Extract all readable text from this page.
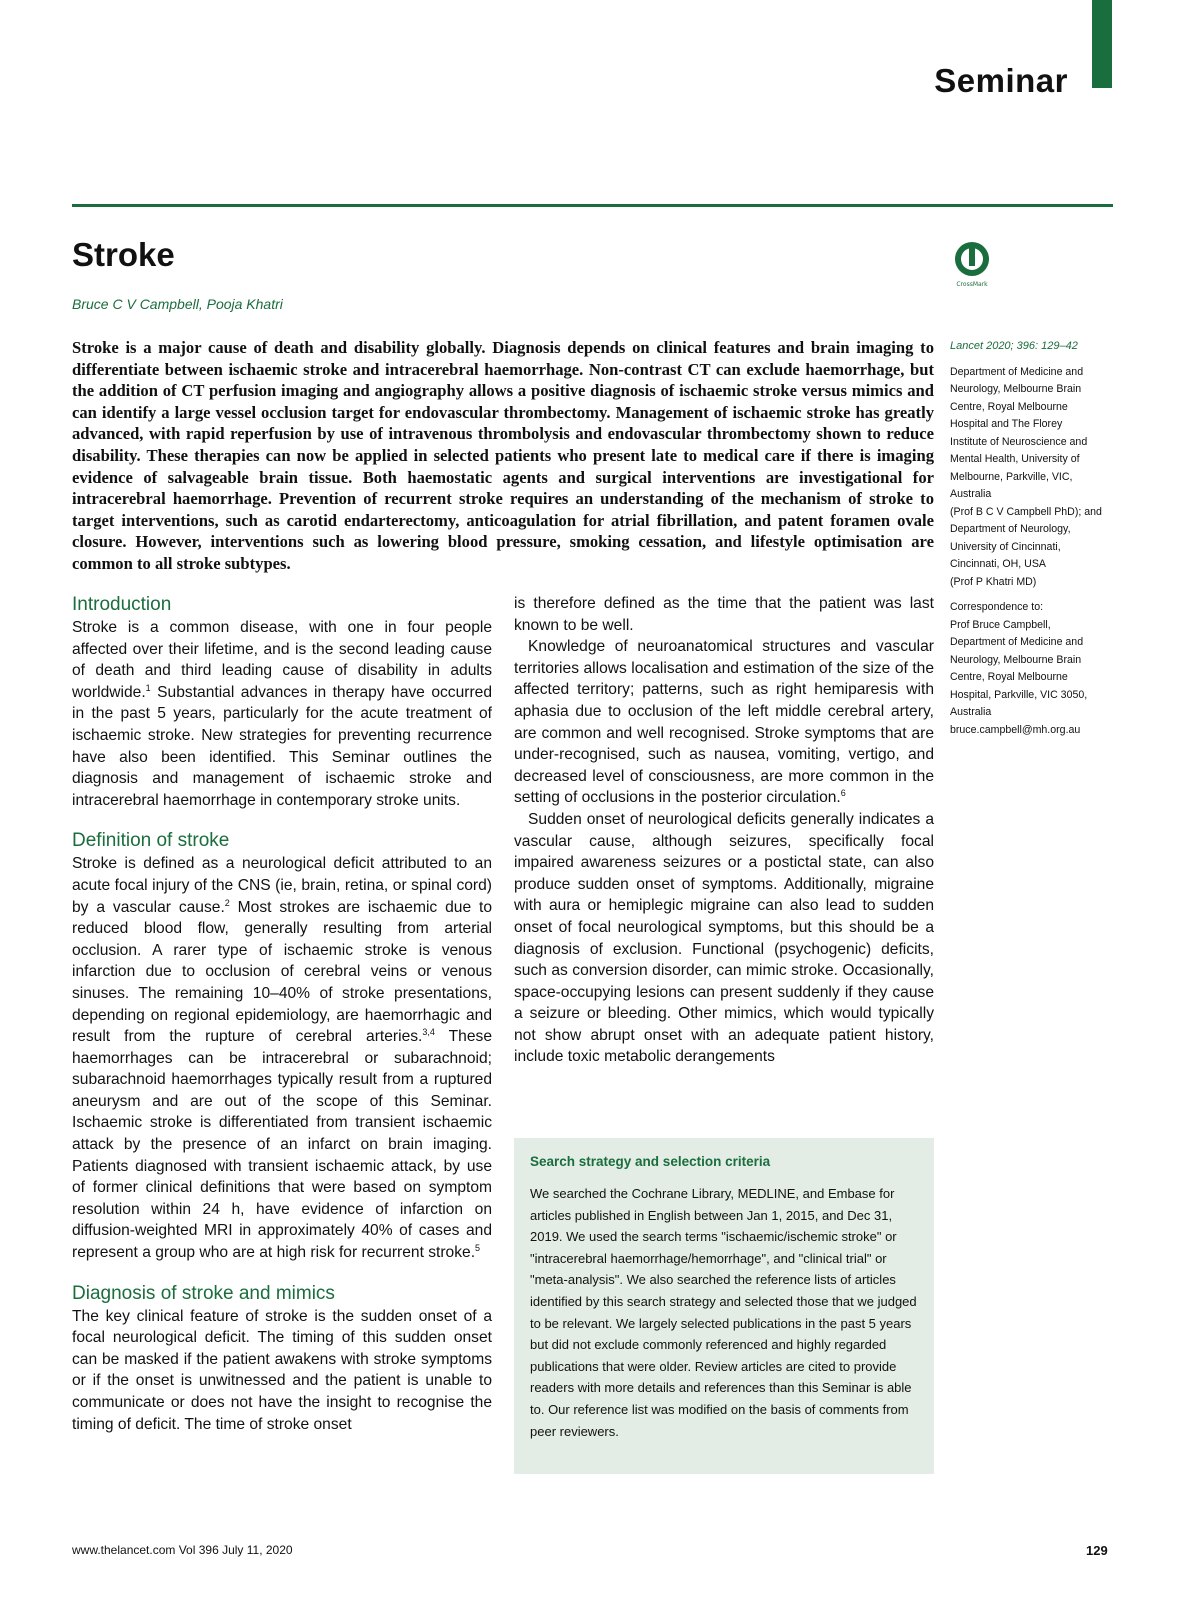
Seminar
Stroke
CrossMark
Bruce C V Campbell, Pooja Khatri

Stroke is a major cause of death and disability globally. Diagnosis depends on clinical features and brain imaging to differentiate between ischaemic stroke and intracerebral haemorrhage. Non-contrast CT can exclude haemorrhage, but the addition of CT perfusion imaging and angiography allows a positive diagnosis of ischaemic stroke versus mimics and can identify a large vessel occlusion target for endovascular thrombectomy. Management of ischaemic stroke has greatly advanced, with rapid reperfusion by use of intravenous thrombolysis and endovascular thrombectomy shown to reduce disability. These therapies can now be applied in selected patients who present late to medical care if there is imaging evidence of salvageable brain tissue. Both haemostatic agents and surgical interventions are investigational for intracerebral haemorrhage. Prevention of recurrent stroke requires an understanding of the mechanism of stroke to target interventions, such as carotid endarterectomy, anticoagulation for atrial fibrillation, and patent foramen ovale closure. However, interventions such as lowering blood pressure, smoking cessation, and lifestyle optimisation are common to all stroke subtypes.

Lancet 2020; 396: 129–42
Department of Medicine and
Neurology, Melbourne Brain
Centre, Royal Melbourne
Hospital and The Florey
Institute of Neuroscience and
Mental Health, University of
Melbourne, Parkville, VIC,
Australia
(Prof B C V Campbell PhD); and
Department of Neurology,
University of Cincinnati,
Cincinnati, OH, USA
(Prof P Khatri MD)
Correspondence to:
Prof Bruce Campbell,
Department of Medicine and
Neurology, Melbourne Brain
Centre, Royal Melbourne
Hospital, Parkville, VIC 3050,
Australia
bruce.campbell@mh.org.au
Introduction

Stroke is a common disease, with one in four people affected over their lifetime, and is the second leading cause of death and third leading cause of disability in adults worldwide.$^1$ Substantial advances in therapy have occurred in the past 5 years, particularly for the acute treatment of ischaemic stroke. New strategies for preventing recurrence have also been identified. This Seminar outlines the diagnosis and management of ischaemic stroke and intracerebral haemorrhage in contemporary stroke units.

Definition of stroke

Stroke is defined as a neurological deficit attributed to an acute focal injury of the CNS (ie, brain, retina, or spinal cord) by a vascular cause.$^2$ Most strokes are ischaemic due to reduced blood flow, generally resulting from arterial occlusion. A rarer type of ischaemic stroke is venous infarction due to occlusion of cerebral veins or venous sinuses. The remaining 10–40% of stroke presentations, depending on regional epidemiology, are haemorrhagic and result from the rupture of cerebral arteries.$^{3,4}$ These haemorrhages can be intracerebral or subarachnoid; subarachnoid haemorrhages typically result from a ruptured aneurysm and are out of the scope of this Seminar. Ischaemic stroke is differentiated from transient ischaemic attack by the presence of an infarct on brain imaging. Patients diagnosed with transient ischaemic attack, by use of former clinical definitions that were based on symptom resolution within 24 h, have evidence of infarction on diffusion-weighted MRI in approximately 40% of cases and represent a group who are at high risk for recurrent stroke.$^5$

Diagnosis of stroke and mimics

The key clinical feature of stroke is the sudden onset of a focal neurological deficit. The timing of this sudden onset can be masked if the patient awakens with stroke symptoms or if the onset is unwitnessed and the patient is unable to communicate or does not have the insight to recognise the timing of deficit. The time of stroke onset

is therefore defined as the time that the patient was last known to be well.

Knowledge of neuroanatomical structures and vascular territories allows localisation and estimation of the size of the affected territory; patterns, such as right hemiparesis with aphasia due to occlusion of the left middle cerebral artery, are common and well recognised. Stroke symptoms that are under-recognised, such as nausea, vomiting, vertigo, and decreased level of consciousness, are more common in the setting of occlusions in the posterior circulation.$^6$

Sudden onset of neurological deficits generally indicates a vascular cause, although seizures, specifically focal impaired awareness seizures or a postictal state, can also produce sudden onset of symptoms. Additionally, migraine with aura or hemiplegic migraine can also lead to sudden onset of focal neurological symptoms, but this should be a diagnosis of exclusion. Functional (psychogenic) deficits, such as conversion disorder, can mimic stroke. Occasionally, space-occupying lesions can present suddenly if they cause a seizure or bleeding. Other mimics, which would typically not show abrupt onset with an adequate patient history, include toxic metabolic derangements

Search strategy and selection criteria

We searched the Cochrane Library, MEDLINE, and Embase for articles published in English between Jan 1, 2015, and Dec 31, 2019. We used the search terms "ischaemic/ischemic stroke" or "intracerebral haemorrhage/hemorrhage", and "clinical trial" or "meta-analysis". We also searched the reference lists of articles identified by this search strategy and selected those that we judged to be relevant. We largely selected publications in the past 5 years but did not exclude commonly referenced and highly regarded publications that were older. Review articles are cited to provide readers with more details and references than this Seminar is able to. Our reference list was modified on the basis of comments from peer reviewers.

www.thelancet.com Vol 396 July 11, 2020	129
